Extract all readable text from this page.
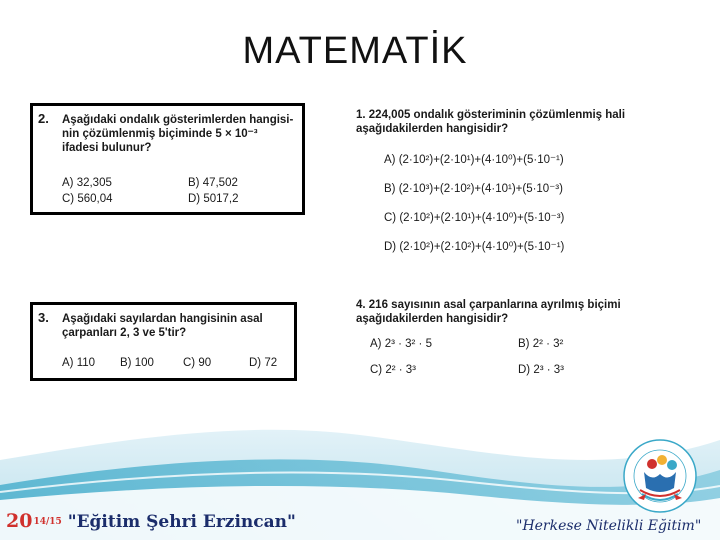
MATEMATİK
2. Aşağıdaki ondalık gösterimlerden hangisi-nin çözümlenmiş biçiminde 5 × 10⁻³ ifadesi bulunur?
A) 32,305	B) 47,502
C) 560,04	D) 5017,2
3. Aşağıdaki sayılardan hangisinin asal çarpanları 2, 3 ve 5'tir?
A) 110 B) 100	C) 90	D) 72
1. 224,005 ondalık gösteriminin çözümlenmiş hali aşağıdakilerden hangisidir?
A) (2·10²)+(2·10¹)+(4·10⁰)+(5·10⁻¹)
B) (2·10³)+(2·10²)+(4·10¹)+(5·10⁻³)
C) (2·10²)+(2·10¹)+(4·10⁰)+(5·10⁻³)
D) (2·10²)+(2·10²)+(4·10⁰)+(5·10⁻¹)
4. 216 sayısının asal çarpanlarına ayrılmış biçimi aşağıdakilerden hangisidir?
A) 2³ · 3² · 5	B) 2² · 3²
C) 2² · 3³	D) 2³ · 3³
2014/15 "Eğitim Şehri Erzincan"	"Herkese Nitelikli Eğitim"
